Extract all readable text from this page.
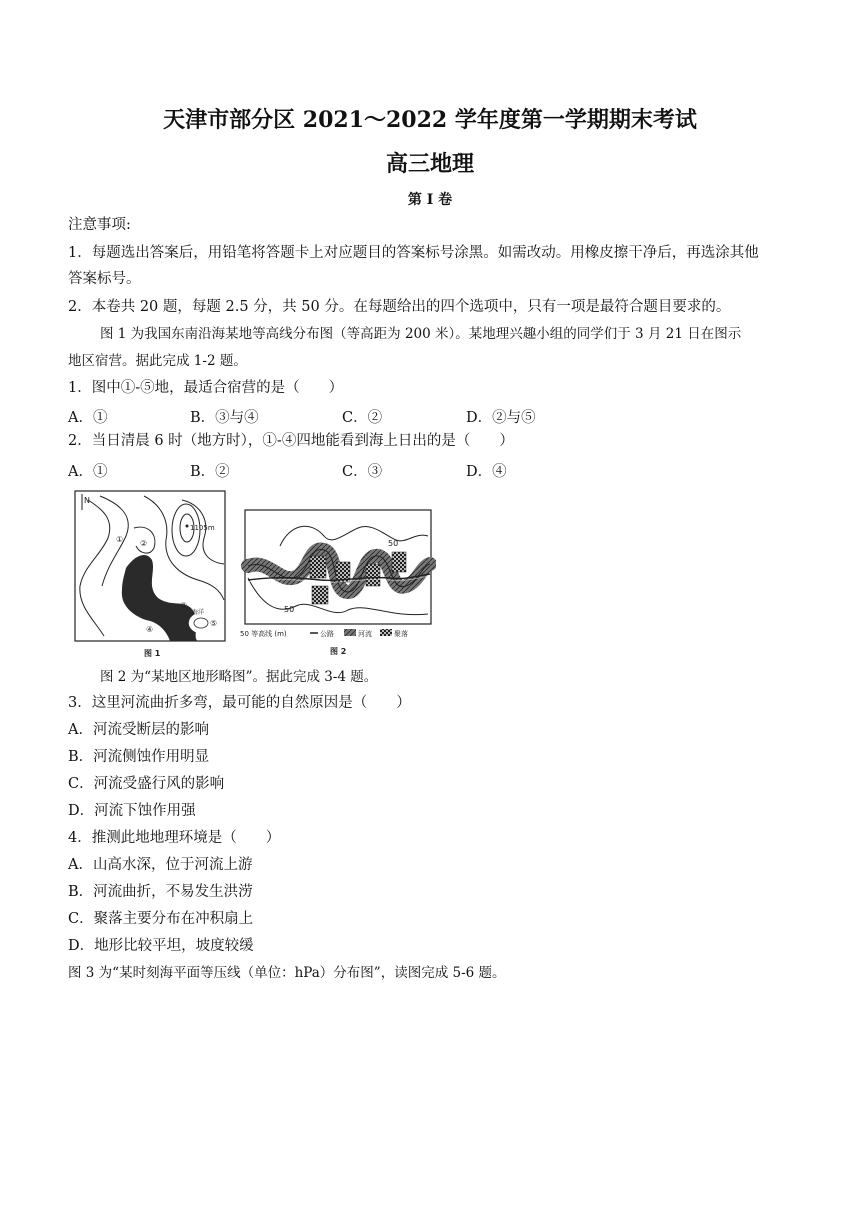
天津市部分区 2021～2022 学年度第一学期期末考试
高三地理
第 I 卷
注意事项:
1．每题选出答案后，用铅笔将答题卡上对应题目的答案标号涂黑。如需改动。用橡皮擦干净后，再选涂其他
答案标号。
2．本卷共 20 题，每题 2.5 分，共 50 分。在每题给出的四个选项中，只有一项是最符合题目要求的。
图 1 为我国东南沿海某地等高线分布图（等高距为 200 米）。某地理兴趣小组的同学们于 3 月 21 日在图示
地区宿营。据此完成 1-2 题。
1．图中①-⑤地，最适合宿营的是（　　）
A．①	B．③与④	C．②	D．②与⑤
2．当日清晨 6 时（地方时），①-④四地能看到海上日出的是（　　）
A．①	B．②	C．③	D．④
N
1105m
① ②
③
④
⑤
海洋
图 1
50
50
50 等高线 (m)	公路	河流	聚落
图 2
图 2 为“某地区地形略图”。据此完成 3-4 题。
3．这里河流曲折多弯，最可能的自然原因是（　　）
A．河流受断层的影响
B．河流侧蚀作用明显
C．河流受盛行风的影响
D．河流下蚀作用强
4．推测此地地理环境是（　　）
A．山高水深，位于河流上游
B．河流曲折，不易发生洪涝
C．聚落主要分布在冲积扇上
D．地形比较平坦，坡度较缓
图 3 为“某时刻海平面等压线（单位：hPa）分布图”，读图完成 5-6 题。
